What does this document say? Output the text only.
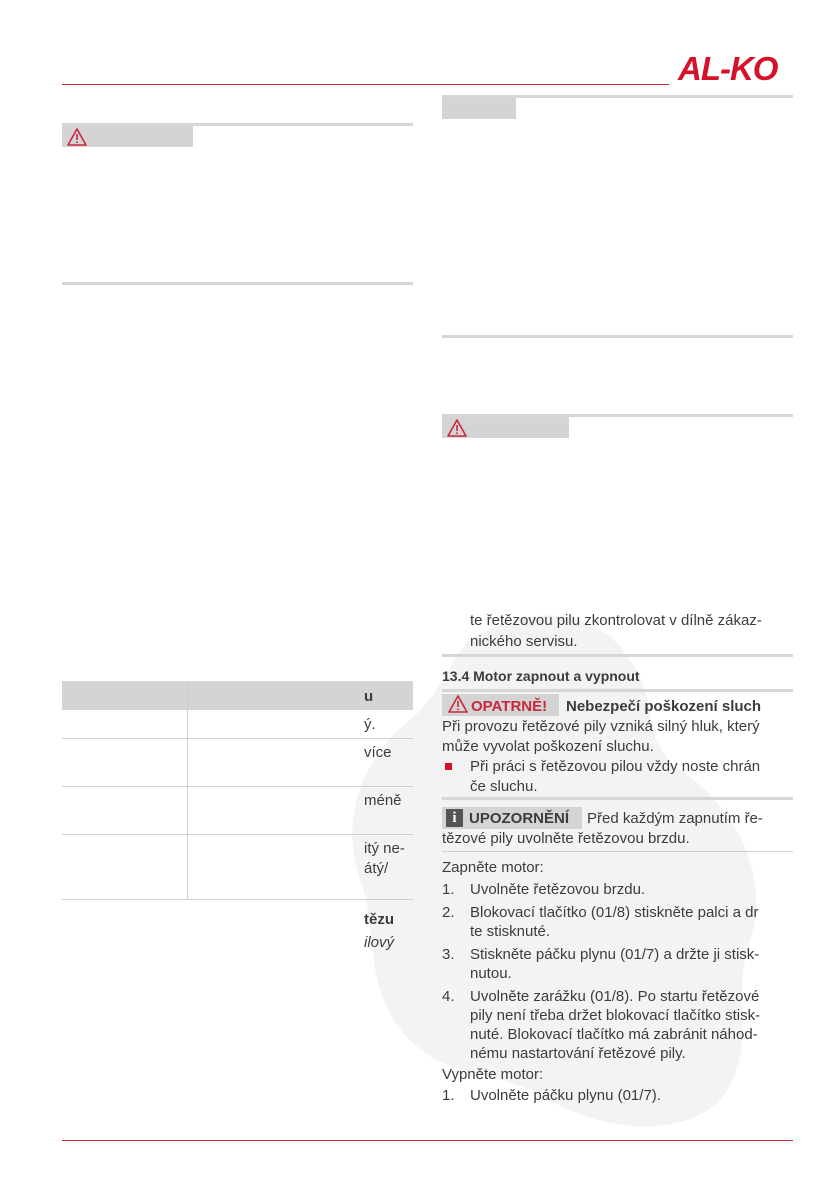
AL-KO
u
ý.
více
méně
itý ne-
átý/
tězu
ilový
te řetězovou pilu zkontrolovat v dílně zákaz-
nického servisu.
13.4 Motor zapnout a vypnout
OPATRNĚ! Nebezpečí poškození sluch
Při provozu řetězové pily vzniká silný hluk, který
může vyvolat poškození sluchu.
Při práci s řetězovou pilou vždy noste chrán
če sluchu.
i UPOZORNĚNÍ Před každým zapnutím ře-
tězové pily uvolněte řetězovou brzdu.
Zapněte motor:
1. Uvolněte řetězovou brzdu.
2. Blokovací tlačítko (01/8) stiskněte palci a dr
te stisknuté.
3. Stiskněte páčku plynu (01/7) a držte ji stisk-
nutou.
4. Uvolněte zarážku (01/8). Po startu řetězové
pily není třeba držet blokovací tlačítko stisk-
nuté. Blokovací tlačítko má zabránit náhod-
nému nastartování řetězové pily.
Vypněte motor:
1. Uvolněte páčku plynu (01/7).
